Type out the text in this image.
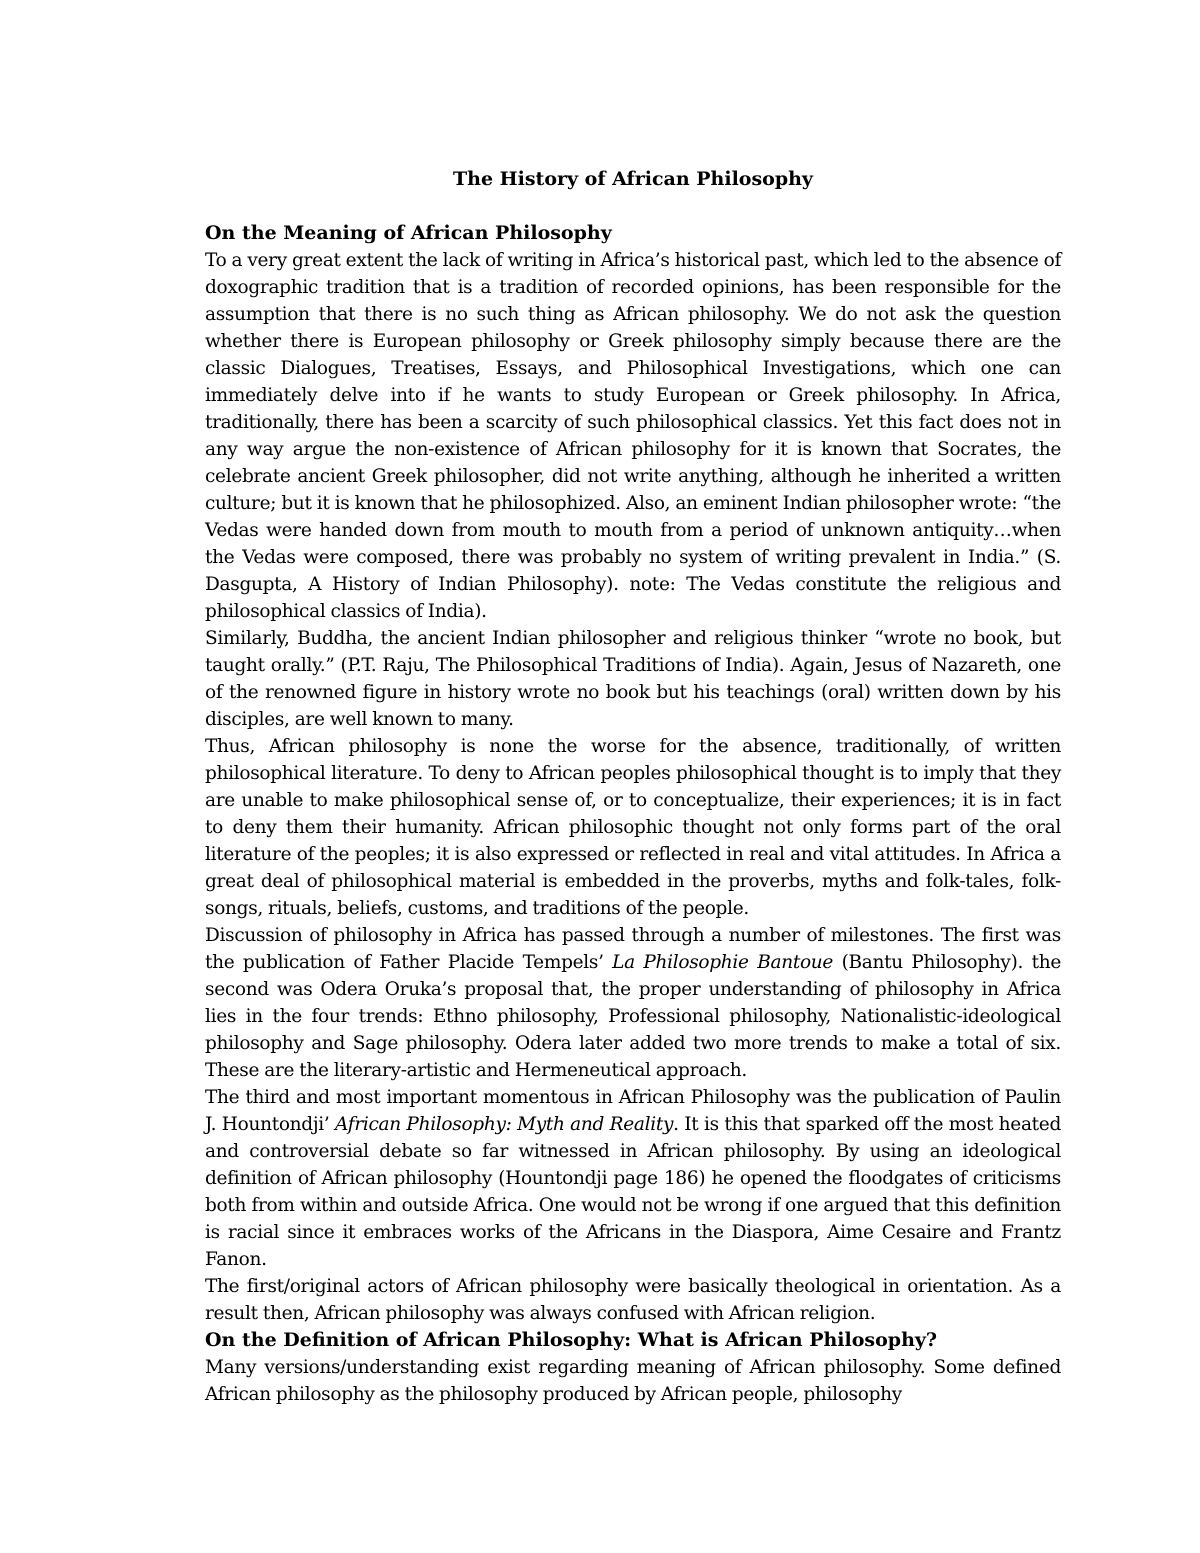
The History of African Philosophy
On the Meaning of African Philosophy

To a very great extent the lack of writing in Africa’s historical past, which led to the absence of doxographic tradition that is a tradition of recorded opinions, has been responsible for the assumption that there is no such thing as African philosophy. We do not ask the question whether there is European philosophy or Greek philosophy simply because there are the classic Dialogues, Treatises, Essays, and Philosophical Investigations, which one can immediately delve into if he wants to study European or Greek philosophy. In Africa, traditionally, there has been a scarcity of such philosophical classics. Yet this fact does not in any way argue the non-existence of African philosophy for it is known that Socrates, the celebrate ancient Greek philosopher, did not write anything, although he inherited a written culture; but it is known that he philosophized. Also, an eminent Indian philosopher wrote: “the Vedas were handed down from mouth to mouth from a period of unknown antiquity…when the Vedas were composed, there was probably no system of writing prevalent in India.” (S. Dasgupta, A History of Indian Philosophy). note: The Vedas constitute the religious and philosophical classics of India).

Similarly, Buddha, the ancient Indian philosopher and religious thinker “wrote no book, but taught orally.” (P.T. Raju, The Philosophical Traditions of India). Again, Jesus of Nazareth, one of the renowned figure in history wrote no book but his teachings (oral) written down by his disciples, are well known to many.

Thus, African philosophy is none the worse for the absence, traditionally, of written philosophical literature. To deny to African peoples philosophical thought is to imply that they are unable to make philosophical sense of, or to conceptualize, their experiences; it is in fact to deny them their humanity. African philosophic thought not only forms part of the oral literature of the peoples; it is also expressed or reflected in real and vital attitudes. In Africa a great deal of philosophical material is embedded in the proverbs, myths and folk-tales, folk-songs, rituals, beliefs, customs, and traditions of the people.

Discussion of philosophy in Africa has passed through a number of milestones. The first was the publication of Father Placide Tempels’ La Philosophie Bantoue (Bantu Philosophy). the second was Odera Oruka’s proposal that, the proper understanding of philosophy in Africa lies in the four trends: Ethno philosophy, Professional philosophy, Nationalistic-ideological philosophy and Sage philosophy. Odera later added two more trends to make a total of six. These are the literary-artistic and Hermeneutical approach.

The third and most important momentous in African Philosophy was the publication of Paulin J. Hountondji’ African Philosophy: Myth and Reality. It is this that sparked off the most heated and controversial debate so far witnessed in African philosophy. By using an ideological definition of African philosophy (Hountondji page 186) he opened the floodgates of criticisms both from within and outside Africa. One would not be wrong if one argued that this definition is racial since it embraces works of the Africans in the Diaspora, Aime Cesaire and Frantz Fanon.

The first/original actors of African philosophy were basically theological in orientation. As a result then, African philosophy was always confused with African religion.

On the Definition of African Philosophy: What is African Philosophy?

Many versions/understanding exist regarding meaning of African philosophy. Some defined African philosophy as the philosophy produced by African people, philosophy
